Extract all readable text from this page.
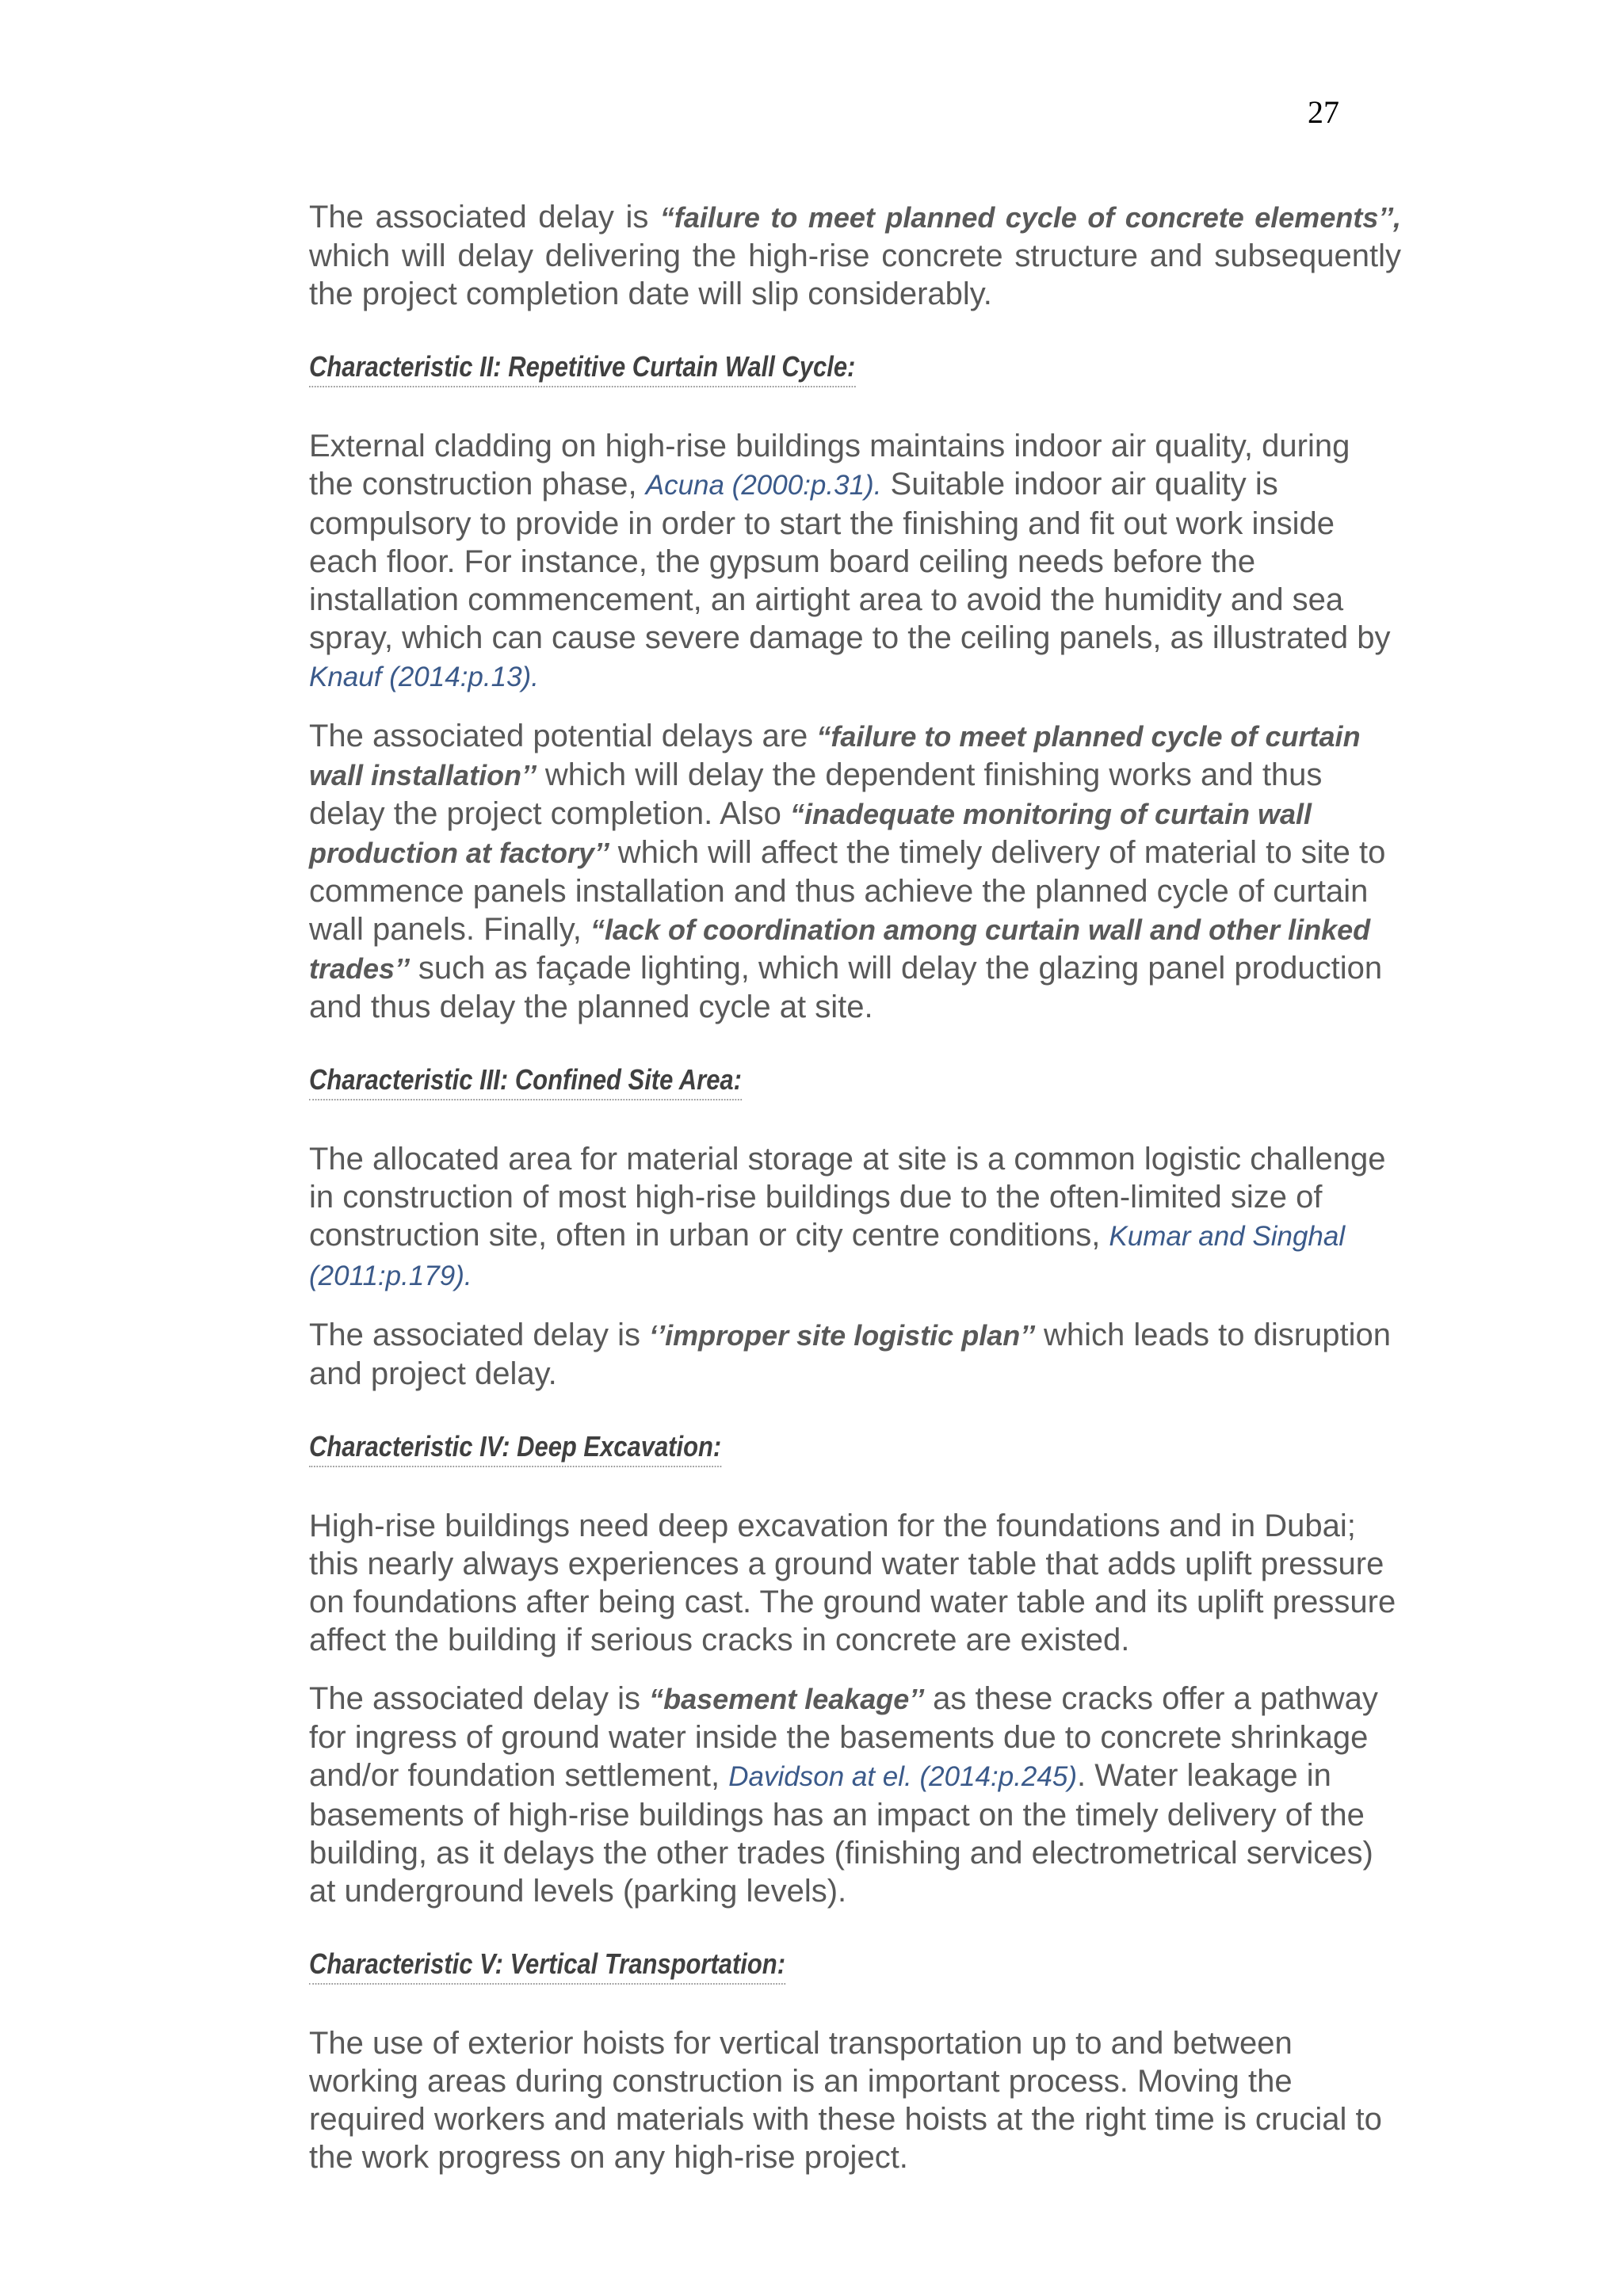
27

The associated delay is “failure to meet planned cycle of concrete elements’’, which will delay delivering the high-rise concrete structure and subsequently the project completion date will slip considerably.

Characteristic II: Repetitive Curtain Wall Cycle:

External cladding on high-rise buildings maintains indoor air quality, during the construction phase, Acuna (2000:p.31). Suitable indoor air quality is compulsory to provide in order to start the finishing and fit out work inside each floor. For instance, the gypsum board ceiling needs before the installation commencement, an airtight area to avoid the humidity and sea spray, which can cause severe damage to the ceiling panels, as illustrated by Knauf (2014:p.13).

The associated potential delays are “failure to meet planned cycle of curtain wall installation’’ which will delay the dependent finishing works and thus delay the project completion. Also “inadequate monitoring of curtain wall production at factory’’ which will affect the timely delivery of material to site to commence panels installation and thus achieve the planned cycle of curtain wall panels. Finally, “lack of coordination among curtain wall and other linked trades’’ such as façade lighting, which will delay the glazing panel production and thus delay the planned cycle at site.

Characteristic III: Confined Site Area:

The allocated area for material storage at site is a common logistic challenge in construction of most high-rise buildings due to the often-limited size of construction site, often in urban or city centre conditions, Kumar and Singhal (2011:p.179).

The associated delay is ‘’improper site logistic plan’’ which leads to disruption and project delay.

Characteristic IV: Deep Excavation:

High-rise buildings need deep excavation for the foundations and in Dubai; this nearly always experiences a ground water table that adds uplift pressure on foundations after being cast. The ground water table and its uplift pressure affect the building if serious cracks in concrete are existed.

The associated delay is “basement leakage’’ as these cracks offer a pathway for ingress of ground water inside the basements due to concrete shrinkage and/or foundation settlement, Davidson at el. (2014:p.245). Water leakage in basements of high-rise buildings has an impact on the timely delivery of the building, as it delays the other trades (finishing and electrometrical services) at underground levels (parking levels).

Characteristic V: Vertical Transportation:

The use of exterior hoists for vertical transportation up to and between working areas during construction is an important process. Moving the required workers and materials with these hoists at the right time is crucial to the work progress on any high-rise project.
